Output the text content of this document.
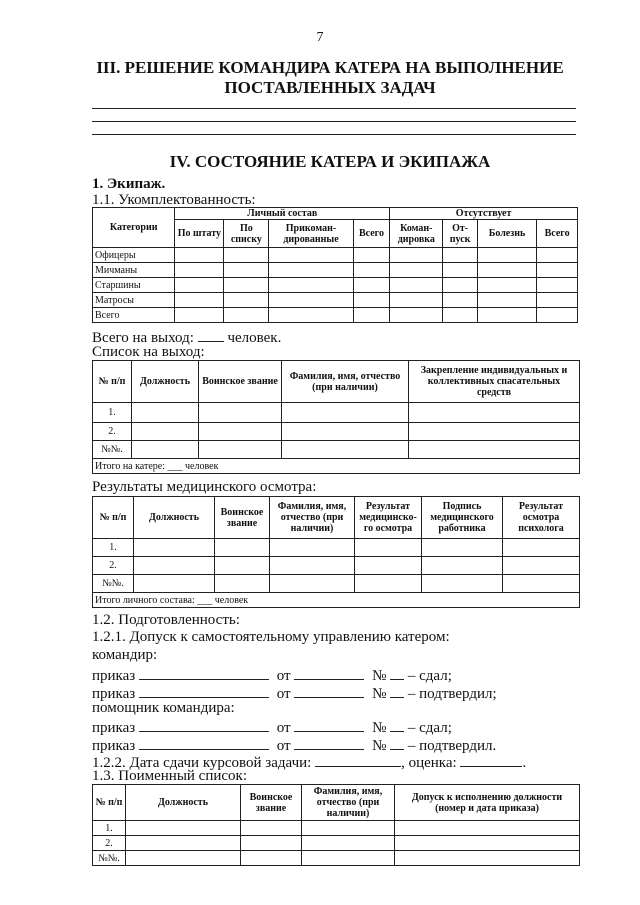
7
III. РЕШЕНИЕ КОМАНДИРА КАТЕРА НА ВЫПОЛНЕНИЕ
ПОСТАВЛЕННЫХ ЗАДАЧ
IV. СОСТОЯНИЕ КАТЕРА И ЭКИПАЖА
1. Экипаж.
1.1. Укомплектованность:
Категории	Личный состав				Отсутствует			
	По штату	По списку	Прикоман-дированные	Всего	Коман-дировка	От-пуск	Болезнь	Всего
Офицеры								
Мичманы								
Старшины								
Матросы								
Всего								
Всего на выход: человек.
Список на выход:
№ п/п	Должность	Воинское звание	Фамилия, имя, отчество (при наличии)	Закрепление индивидуальных и коллективных спасательных средств
1.				
2.				
№№.				
Итого на катере: ___ человек				
Результаты медицинского осмотра:
№ п/п	Должность	Воинское звание	Фамилия, имя, отчество (при наличии)	Результат медицинско-го осмотра	Подпись медицинского работника	Результат осмотра психолога
1.						
2.						
№№.						
Итого личного состава: ___ человек						
1.2. Подготовленность:
1.2.1. Допуск к самостоятельному управлению катером:
командир:
приказ	от	№ – сдал;
приказ	от	№ – подтвердил;
помощник командира:
приказ	от	№ – сдал;
приказ	от	№ – подтвердил.
1.2.2. Дата сдачи курсовой задачи:	, оценка:	.
1.3. Поименный список:
№ п/п	Должность	Воинское звание	Фамилия, имя, отчество (при наличии)	Допуск к исполнению должности (номер и дата приказа)
1.				
2.				
№№.				
